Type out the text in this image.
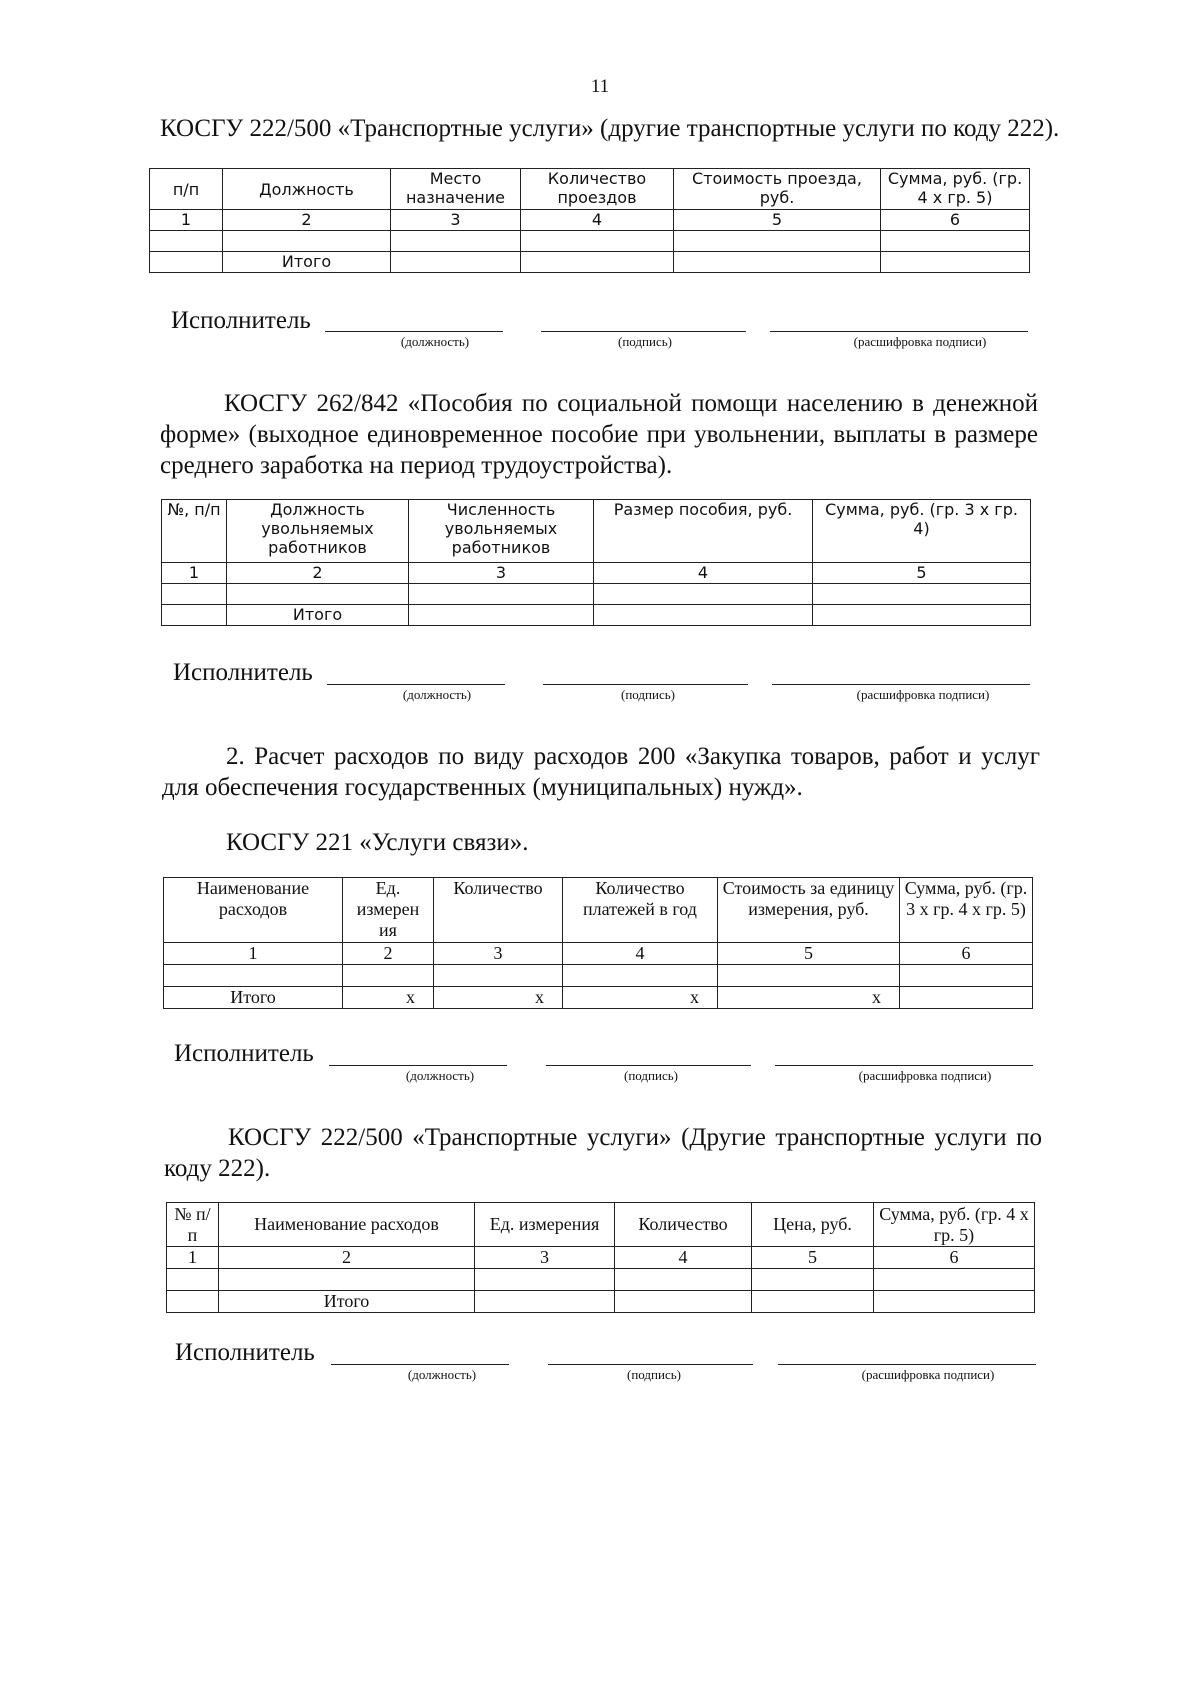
11
КОСГУ 222/500 «Транспортные услуги» (другие транспортные услуги по коду 222).
п/п	Должность	Место назначение	Количество проездов	Стоимость проезда, руб.	Сумма, руб. (гр. 4 х гр. 5)
1	2	3	4	5	6

	Итого				
Исполнитель
(должность)	(подпись)	(расшифровка подписи)
КОСГУ 262/842 «Пособия по социальной помощи населению в денежной форме» (выходное единовременное пособие при увольнении, выплаты в размере среднего заработка на период трудоустройства).
№, п/п	Должность увольняемых работников	Численность увольняемых работников	Размер пособия, руб.	Сумма, руб. (гр. 3 х гр. 4)
1	2	3	4	5

	Итого			
Исполнитель
(должность)	(подпись)	(расшифровка подписи)
2. Расчет расходов по виду расходов 200 «Закупка товаров, работ и услуг для обеспечения государственных (муниципальных) нужд».
КОСГУ 221 «Услуги связи».
Наименование расходов	Ед. измерен ия	Количество	Количество платежей в год	Стоимость за единицу измерения, руб.	Сумма, руб. (гр. 3 х гр. 4 х гр. 5)
1	2	3	4	5	6

Итого	х	х	х	х	
Исполнитель
(должность)	(подпись)	(расшифровка подписи)
КОСГУ 222/500 «Транспортные услуги» (Другие транспортные услуги по коду 222).
№ п/п	Наименование расходов	Ед. измерения	Количество	Цена, руб.	Сумма, руб. (гр. 4 х гр. 5)
1	2	3	4	5	6

	Итого				
Исполнитель
(должность)	(подпись)	(расшифровка подписи)
